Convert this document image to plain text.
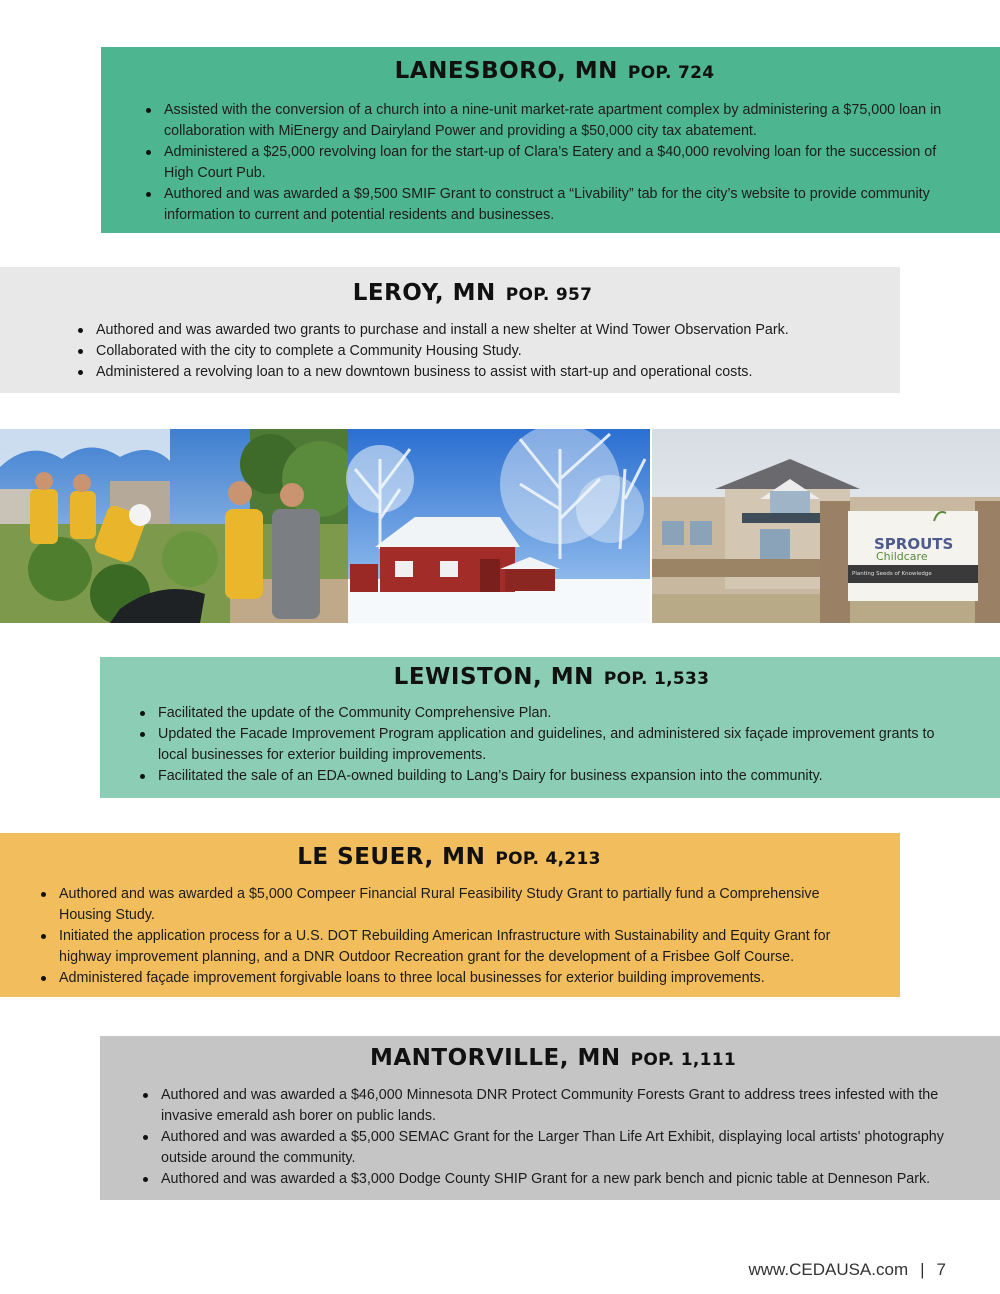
LANESBORO, MN POP. 724
Assisted with the conversion of a church into a nine-unit market-rate apartment complex by administering a $75,000 loan in collaboration with MiEnergy and Dairyland Power and providing a $50,000 city tax abatement.
Administered a $25,000 revolving loan for the start-up of Clara’s Eatery and a $40,000 revolving loan for the succession of High Court Pub.
Authored and was awarded a $9,500 SMIF Grant to construct a “Livability” tab for the city’s website to provide community information to current and potential residents and businesses.
LEROY, MN POP. 957
Authored and was awarded two grants to purchase and install a new shelter at Wind Tower Observation Park.
Collaborated with the city to complete a Community Housing Study.
Administered a revolving loan to a new downtown business to assist with start-up and operational costs.
SPROUTS
Childcare
Planting Seeds of Knowledge
LEWISTON, MN POP. 1,533
Facilitated the update of the Community Comprehensive Plan.
Updated the Facade Improvement Program application and guidelines, and administered six façade improvement grants to local businesses for exterior building improvements.
Facilitated the sale of an EDA-owned building to Lang’s Dairy for business expansion into the community.
LE SEUER, MN POP. 4,213
Authored and was awarded a $5,000 Compeer Financial Rural Feasibility Study Grant to partially fund a Comprehensive Housing Study.
Initiated the application process for a U.S. DOT Rebuilding American Infrastructure with Sustainability and Equity Grant for highway improvement planning, and a DNR Outdoor Recreation grant for the development of a Frisbee Golf Course.
Administered façade improvement forgivable loans to three local businesses for exterior building improvements.
MANTORVILLE, MN POP. 1,111
Authored and was awarded a $46,000 Minnesota DNR Protect Community Forests Grant to address trees infested with the invasive emerald ash borer on public lands.
Authored and was awarded a $5,000 SEMAC Grant for the Larger Than Life Art Exhibit, displaying local artists' photography outside around the community.
Authored and was awarded a $3,000 Dodge County SHIP Grant for a new park bench and picnic table at Denneson Park.
www.CEDAUSA.com | 7
